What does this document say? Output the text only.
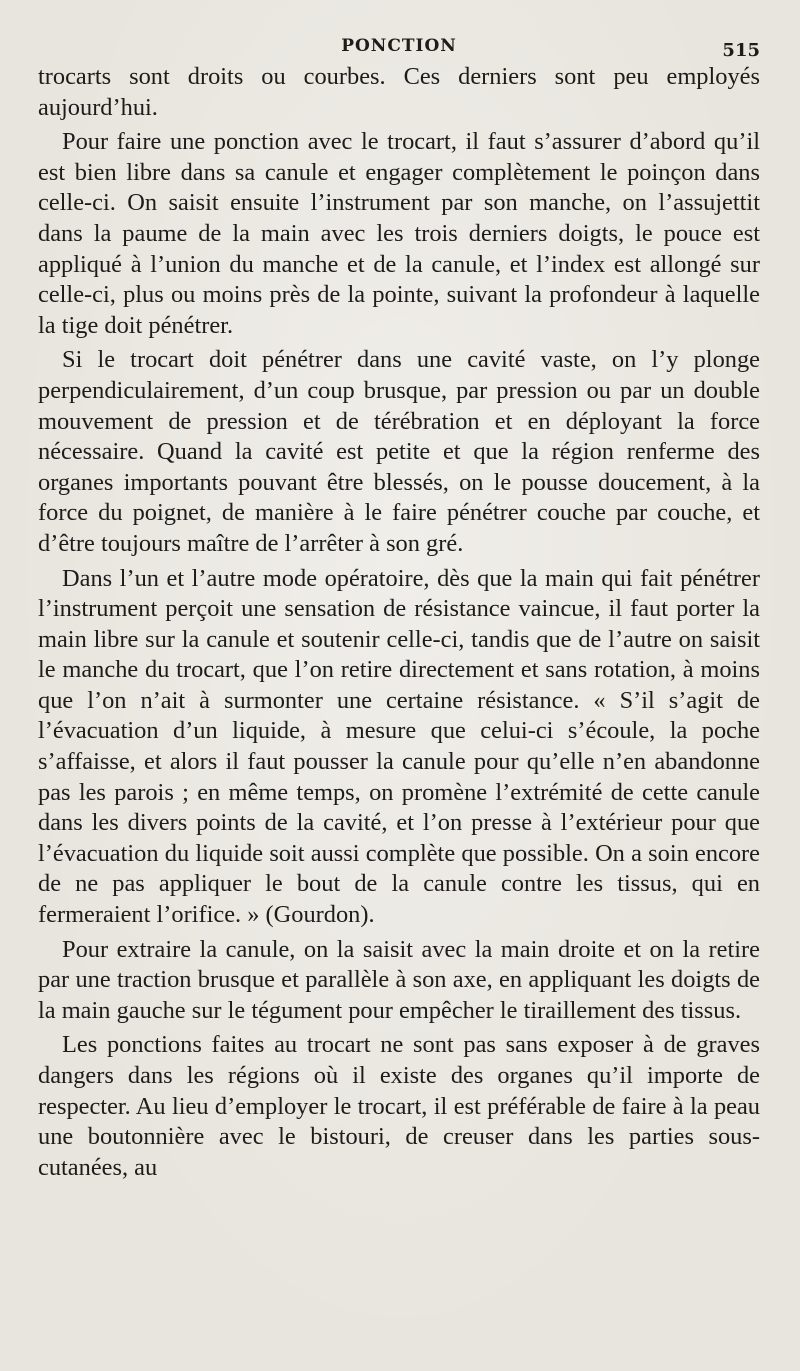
PONCTION	515

trocarts sont droits ou courbes. Ces derniers sont peu employés aujourd’hui.

Pour faire une ponction avec le trocart, il faut s’assurer d’abord qu’il est bien libre dans sa canule et engager complètement le poinçon dans celle-ci. On saisit ensuite l’instrument par son manche, on l’assujettit dans la paume de la main avec les trois derniers doigts, le pouce est appliqué à l’union du manche et de la canule, et l’index est allongé sur celle-ci, plus ou moins près de la pointe, suivant la profondeur à laquelle la tige doit pénétrer.

Si le trocart doit pénétrer dans une cavité vaste, on l’y plonge perpendiculairement, d’un coup brusque, par pression ou par un double mouvement de pression et de térébration et en déployant la force nécessaire. Quand la cavité est petite et que la région renferme des organes importants pouvant être blessés, on le pousse doucement, à la force du poignet, de manière à le faire pénétrer couche par couche, et d’être toujours maître de l’arrêter à son gré.

Dans l’un et l’autre mode opératoire, dès que la main qui fait pénétrer l’instrument perçoit une sensation de résistance vaincue, il faut porter la main libre sur la canule et soutenir celle-ci, tandis que de l’autre on saisit le manche du trocart, que l’on retire directement et sans rotation, à moins que l’on n’ait à surmonter une certaine résistance. « S’il s’agit de l’évacuation d’un liquide, à mesure que celui-ci s’écoule, la poche s’affaisse, et alors il faut pousser la canule pour qu’elle n’en abandonne pas les parois ; en même temps, on promène l’extrémité de cette canule dans les divers points de la cavité, et l’on presse à l’extérieur pour que l’évacuation du liquide soit aussi complète que possible. On a soin encore de ne pas appliquer le bout de la canule contre les tissus, qui en fermeraient l’orifice. » (Gourdon).

Pour extraire la canule, on la saisit avec la main droite et on la retire par une traction brusque et parallèle à son axe, en appliquant les doigts de la main gauche sur le tégument pour empêcher le tiraillement des tissus.

Les ponctions faites au trocart ne sont pas sans exposer à de graves dangers dans les régions où il existe des organes qu’il importe de respecter. Au lieu d’employer le trocart, il est préférable de faire à la peau une boutonnière avec le bistouri, de creuser dans les parties sous-cutanées, au
